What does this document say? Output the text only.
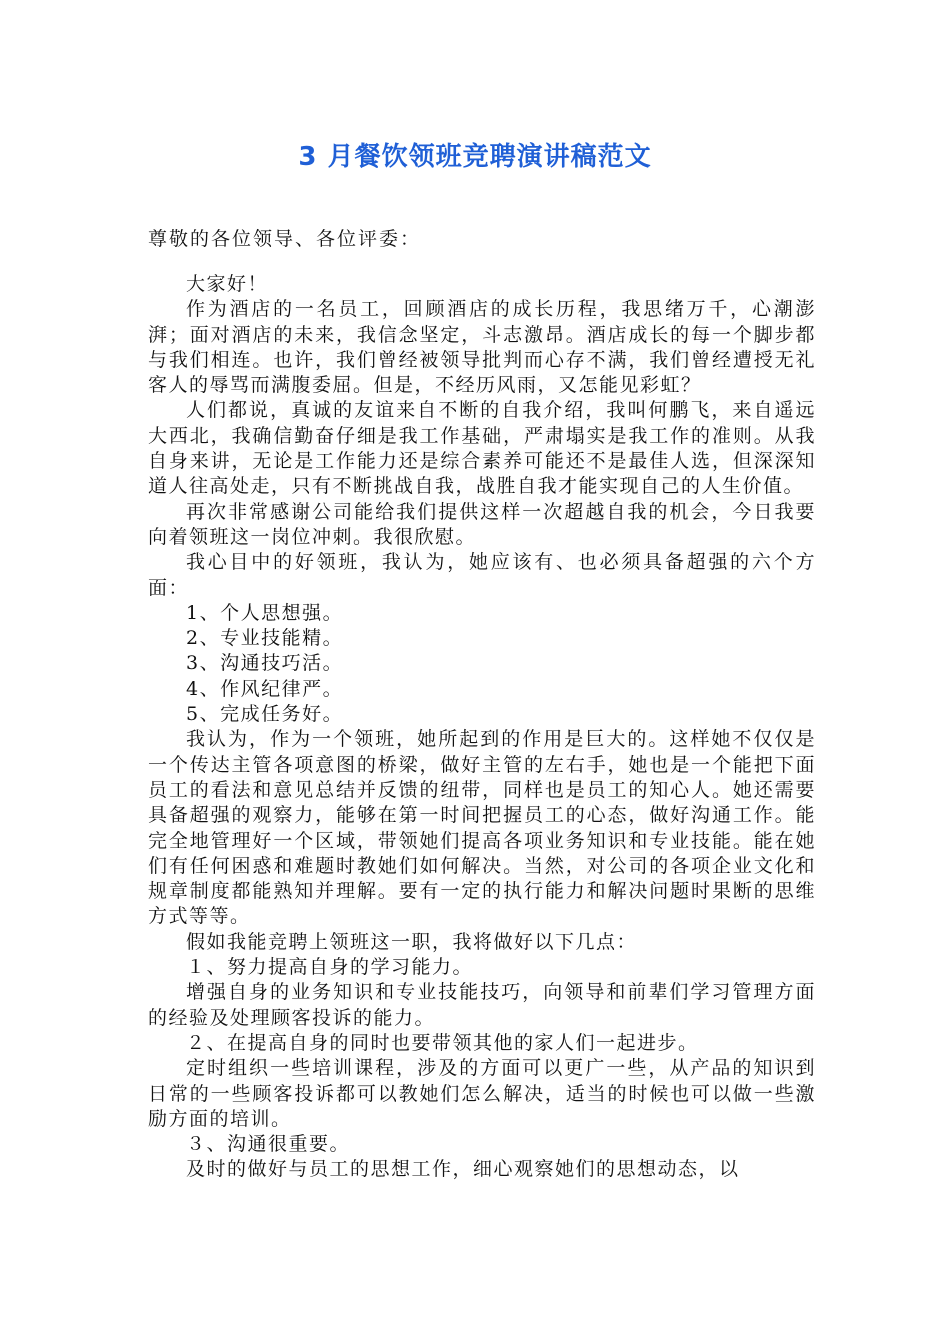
3 月餐饮领班竞聘演讲稿范文
尊敬的各位领导、各位评委：

大家好！

作为酒店的一名员工，回顾酒店的成长历程，我思绪万千，心潮澎湃；面对酒店的未来，我信念坚定，斗志激昂。酒店成长的每一个脚步都与我们相连。也许，我们曾经被领导批判而心存不满，我们曾经遭授无礼客人的辱骂而满腹委屈。但是，不经历风雨，又怎能见彩虹？

人们都说，真诚的友谊来自不断的自我介绍，我叫何鹏飞，来自遥远大西北，我确信勤奋仔细是我工作基础，严肃塌实是我工作的准则。从我自身来讲，无论是工作能力还是综合素养可能还不是最佳人选，但深深知道人往高处走，只有不断挑战自我，战胜自我才能实现自己的人生价值。

再次非常感谢公司能给我们提供这样一次超越自我的机会，今日我要向着领班这一岗位冲刺。我很欣慰。

我心目中的好领班，我认为，她应该有、也必须具备超强的六个方面：

1、个人思想强。

2、专业技能精。

3、沟通技巧活。

4、作风纪律严。

5、完成任务好。

我认为，作为一个领班，她所起到的作用是巨大的。这样她不仅仅是一个传达主管各项意图的桥梁，做好主管的左右手，她也是一个能把下面员工的看法和意见总结并反馈的纽带，同样也是员工的知心人。她还需要具备超强的观察力，能够在第一时间把握员工的心态，做好沟通工作。能完全地管理好一个区域，带领她们提高各项业务知识和专业技能。能在她们有任何困惑和难题时教她们如何解决。当然，对公司的各项企业文化和规章制度都能熟知并理解。要有一定的执行能力和解决问题时果断的思维方式等等。

假如我能竞聘上领班这一职，我将做好以下几点：

１、努力提高自身的学习能力。

增强自身的业务知识和专业技能技巧，向领导和前辈们学习管理方面的经验及处理顾客投诉的能力。

２、在提高自身的同时也要带领其他的家人们一起进步。

定时组织一些培训课程，涉及的方面可以更广一些，从产品的知识到日常的一些顾客投诉都可以教她们怎么解决，适当的时候也可以做一些激励方面的培训。

３、沟通很重要。

及时的做好与员工的思想工作，细心观察她们的思想动态，以
